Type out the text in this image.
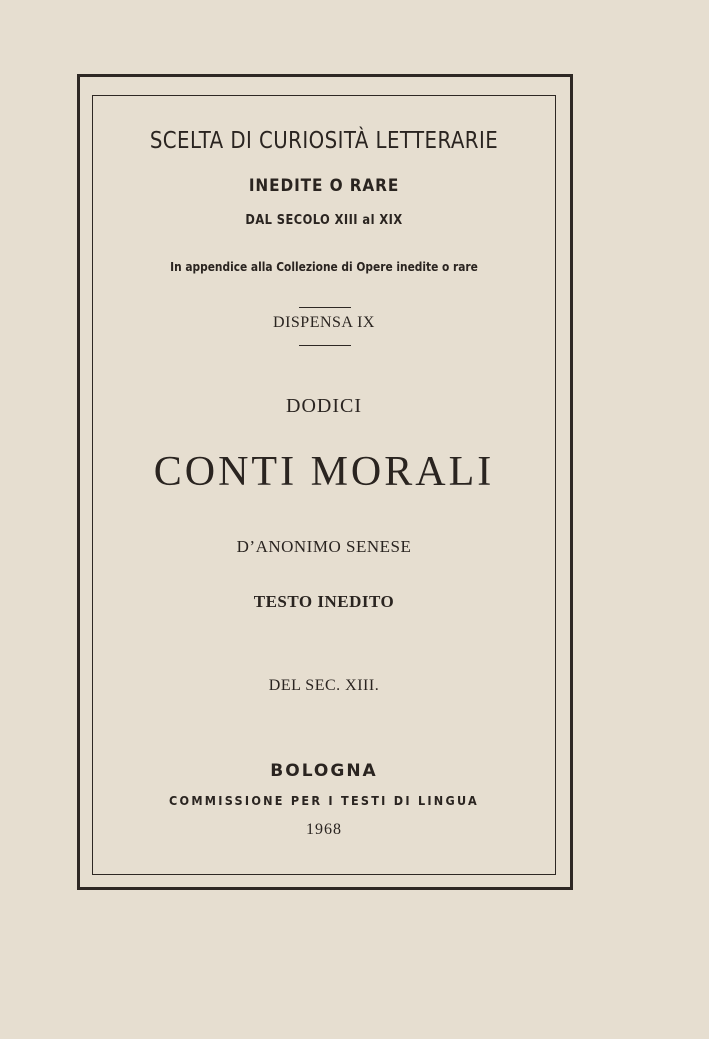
SCELTA DI CURIOSITÀ LETTERARIE
INEDITE O RARE
DAL SECOLO XIII al XIX
In appendice alla Collezione di Opere inedite o rare
DISPENSA IX
DODICI
CONTI MORALI
D’ANONIMO SENESE
TESTO INEDITO
DEL SEC. XIII.
BOLOGNA
COMMISSIONE PER I TESTI DI LINGUA
1968
